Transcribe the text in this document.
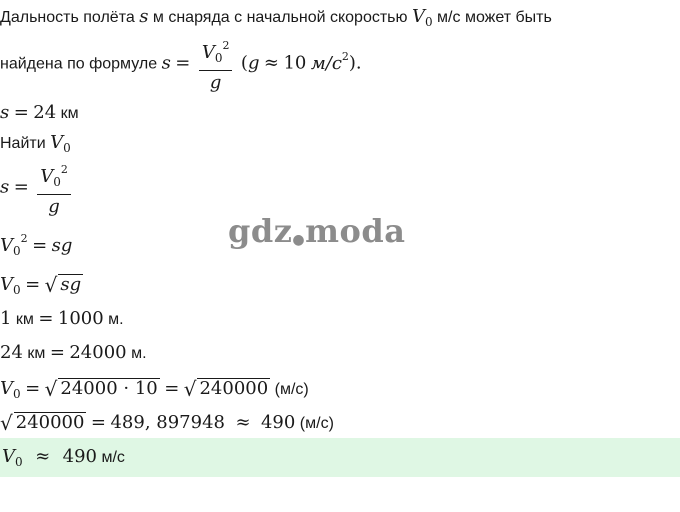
Дальность полёта s м снаряда с начальной скоростью $V_0$ м/с может быть
найдена по формуле $s = \frac{V_0^2}{g} (g \approx 10$ $м/с^2$).
s = 24 км
Найти $V_0$
$s = \frac{V_0^2}{g}$
$V_0^2$ = sg
$V_0$ = √ sg
1 км = 1000 м.
24 км = 24000 м.
$V_0$ = √ 24000 · 10 = √ 240000 (м/с)
√ 240000 = 489, 897948 ≈ 490 (м/с)
$V_0 \approx 490$ м/с
gdz●moda
